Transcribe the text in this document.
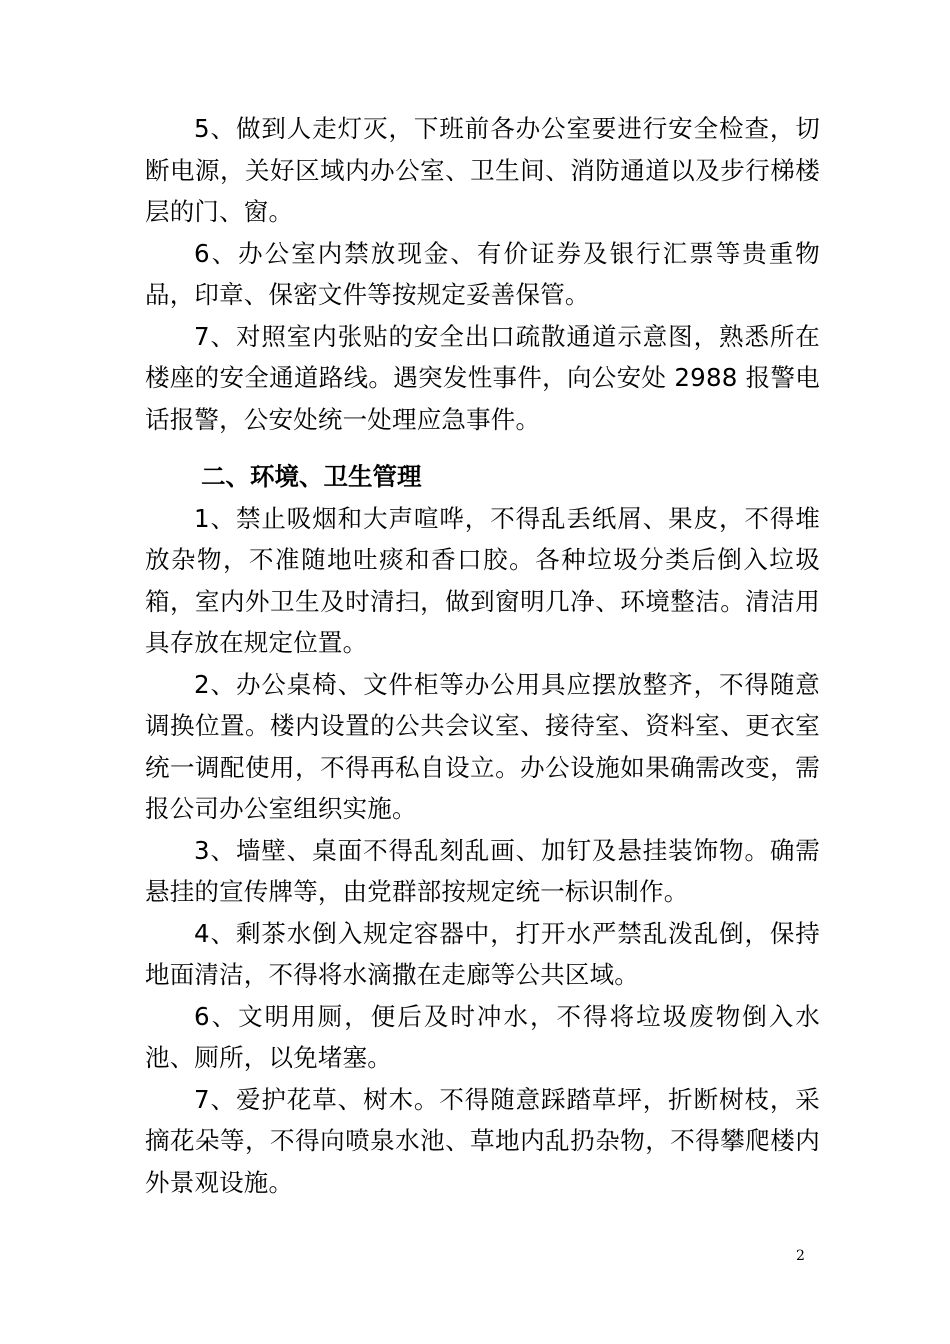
5、做到人走灯灭，下班前各办公室要进行安全检查，切断电源，关好区域内办公室、卫生间、消防通道以及步行梯楼层的门、窗。

6、办公室内禁放现金、有价证券及银行汇票等贵重物品，印章、保密文件等按规定妥善保管。

7、对照室内张贴的安全出口疏散通道示意图，熟悉所在楼座的安全通道路线。遇突发性事件，向公安处 2988 报警电话报警，公安处统一处理应急事件。

二、环境、卫生管理

1、禁止吸烟和大声喧哗，不得乱丢纸屑、果皮，不得堆放杂物，不准随地吐痰和香口胶。各种垃圾分类后倒入垃圾箱，室内外卫生及时清扫，做到窗明几净、环境整洁。清洁用具存放在规定位置。

2、办公桌椅、文件柜等办公用具应摆放整齐，不得随意调换位置。楼内设置的公共会议室、接待室、资料室、更衣室统一调配使用，不得再私自设立。办公设施如果确需改变，需报公司办公室组织实施。

3、墙壁、桌面不得乱刻乱画、加钉及悬挂装饰物。确需悬挂的宣传牌等，由党群部按规定统一标识制作。

4、剩茶水倒入规定容器中，打开水严禁乱泼乱倒，保持地面清洁，不得将水滴撒在走廊等公共区域。

6、文明用厕，便后及时冲水，不得将垃圾废物倒入水池、厕所，以免堵塞。

7、爱护花草、树木。不得随意踩踏草坪，折断树枝，采摘花朵等，不得向喷泉水池、草地内乱扔杂物，不得攀爬楼内外景观设施。

2
